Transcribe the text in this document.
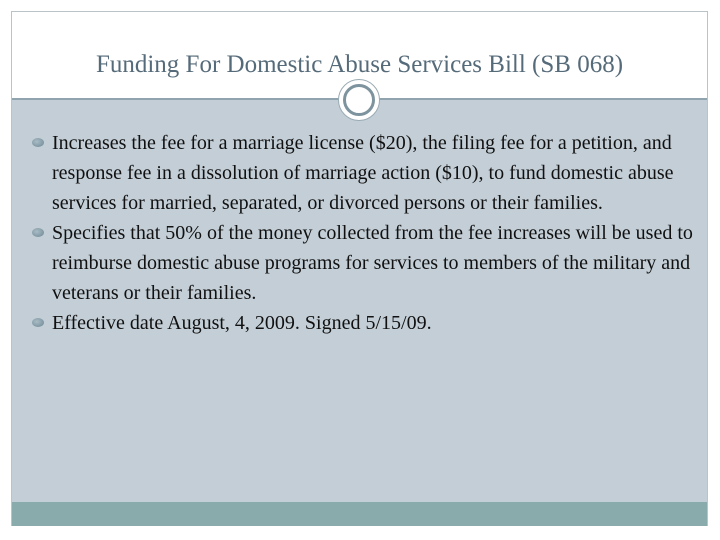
Funding For Domestic Abuse Services Bill (SB 068)
Increases the fee for a marriage license ($20), the filing fee for a petition, and response fee in a dissolution of marriage action ($10), to fund domestic abuse services for married, separated, or divorced persons or their families.
Specifies that 50% of the money collected from the fee increases will be used to reimburse domestic abuse programs for services to members of the military and veterans or their families.
Effective date August, 4, 2009. Signed 5/15/09.
